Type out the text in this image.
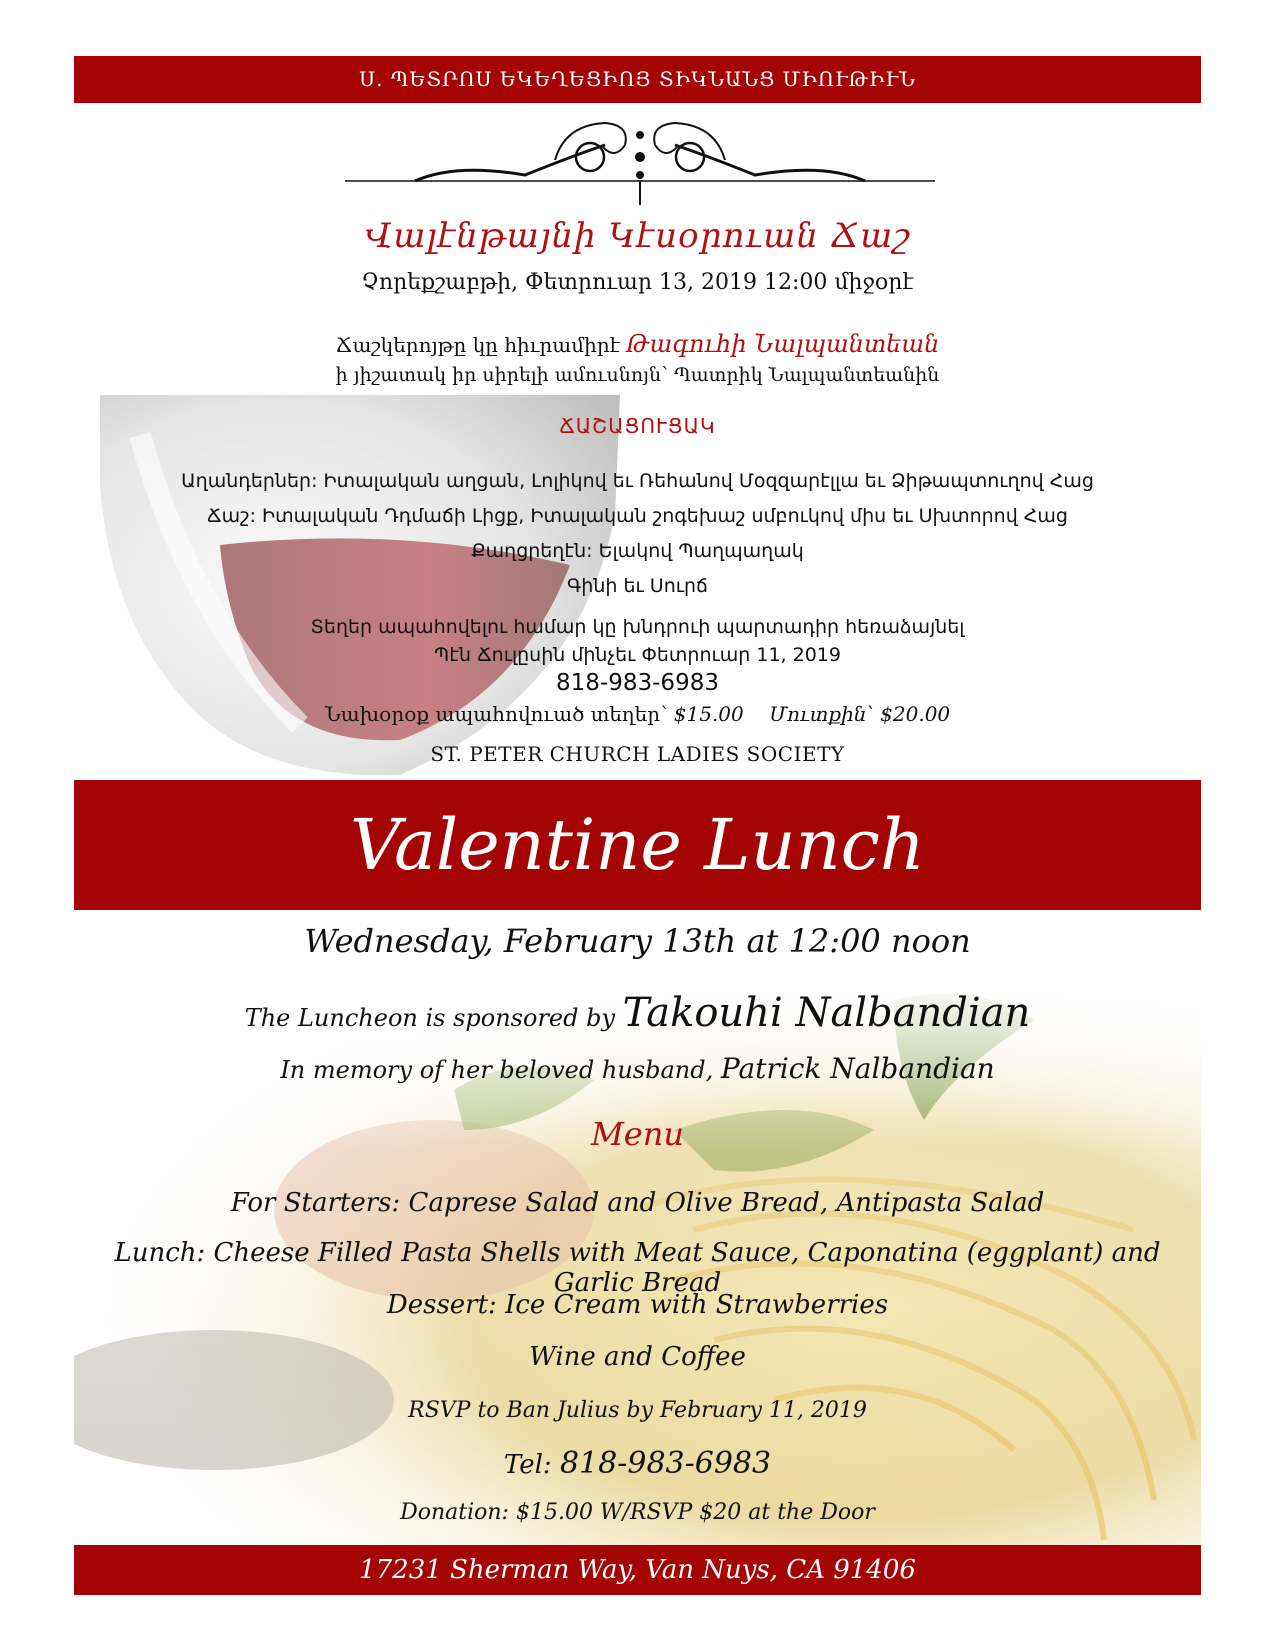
Ս. ՊԵՏՐՈՍ ԵԿԵՂԵՑԻՈՅ ՏԻԿՆԱՆՑ ՄԻՈՒԹԻՒՆ
Վալէնթայնի Կէսօրուան Ճաշ
Չորեքշաբթի, Փետրուար 13, 2019 12:00 միջօրէ
Ճաշկերոյթը կը հիւրամիրէ Թագուհի Նալպանտեան
ի յիշատակ իր սիրելի ամուսնոյն՝ Պատրիկ Նալպանտեանին
ՃԱՇԱՑՈՒՑԱԿ
Աղանդերներ: Իտալական աղցան, Լոլիկով եւ Ռեհանով Մօզզարէլլա եւ Ձիթապտուղով Հաց
Ճաշ: Իտալական Դդմաճի Լիցք, Իտալական շոգեխաշ սմբուկով միս եւ Սխտորով Հաց
Քաղցրեղէն: Ելակով Պաղպաղակ
Գինի եւ Սուրճ
Տեղեր ապահովելու համար կը խնդրուի պարտադիր հեռաձայնել
Պէն Ճուլըսին մինչեւ Փետրուար 11, 2019
818-983-6983
Նախօրօք ապահովուած տեղեր՝ $15.00 Մուտքին՝ $20.00
ST. PETER CHURCH LADIES SOCIETY
Valentine Lunch
Wednesday, February 13th at 12:00 noon
The Luncheon is sponsored by Takouhi Nalbandian
In memory of her beloved husband, Patrick Nalbandian
Menu
For Starters: Caprese Salad and Olive Bread, Antipasta Salad
Lunch: Cheese Filled Pasta Shells with Meat Sauce, Caponatina (eggplant) and Garlic Bread
Dessert: Ice Cream with Strawberries
Wine and Coffee
RSVP to Ban Julius by February 11, 2019
Tel: 818-983-6983
Donation: $15.00 W/RSVP $20 at the Door
17231 Sherman Way, Van Nuys, CA 91406
